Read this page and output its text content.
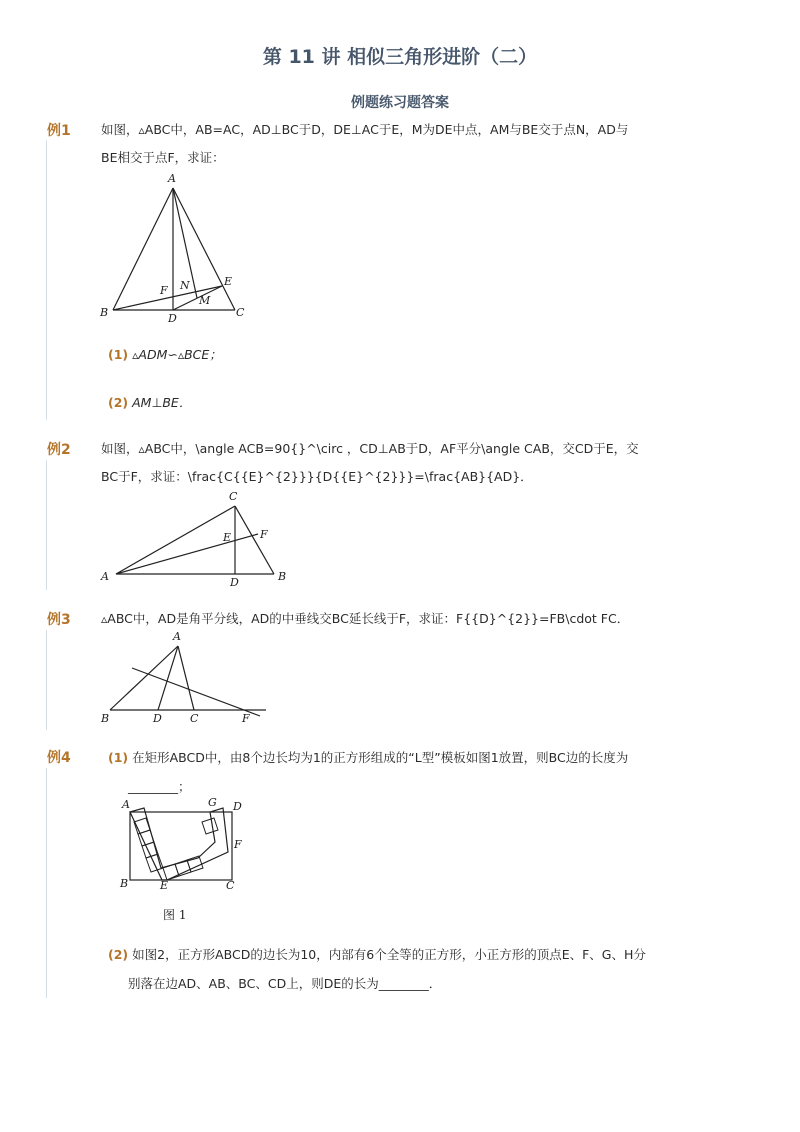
第 11 讲 相似三角形进阶（二）
例题练习题答案
例1 如图，▵ABC中，AB=AC，AD⊥BC于D，DE⊥AC于E，M为DE中点，AM与BE交于点N，AD与
BE相交于点F，求证：
A
B	C
D
E
F N
M
(1) ▵ADM∽▵BCE；
(2) AM⊥BE．
例2 如图，▵ABC中，\angle ACB=90{}^\circ ，CD⊥AB于D，AF平分\angle CAB，交CD于E，交
BC于F，求证：\frac{C{{E}^{2}}}{D{{E}^{2}}}=\frac{AB}{AD}．
A	B
C
D
E	F
例3 ▵ABC中，AD是角平分线，AD的中垂线交BC延长线于F，求证：F{{D}^{2}}=FB\cdot FC．
A
B	D	C	F
例4	(1) 在矩形ABCD中，由8个边长均为1的正方形组成的“L型”模板如图1放置，则BC边的长度为
________；
A	G D
F
B	E	C
图 1
(2) 如图2，正方形ABCD的边长为10，内部有6个全等的正方形，小正方形的顶点E、F、G、H分
别落在边AD、AB、BC、CD上，则DE的长为________．
